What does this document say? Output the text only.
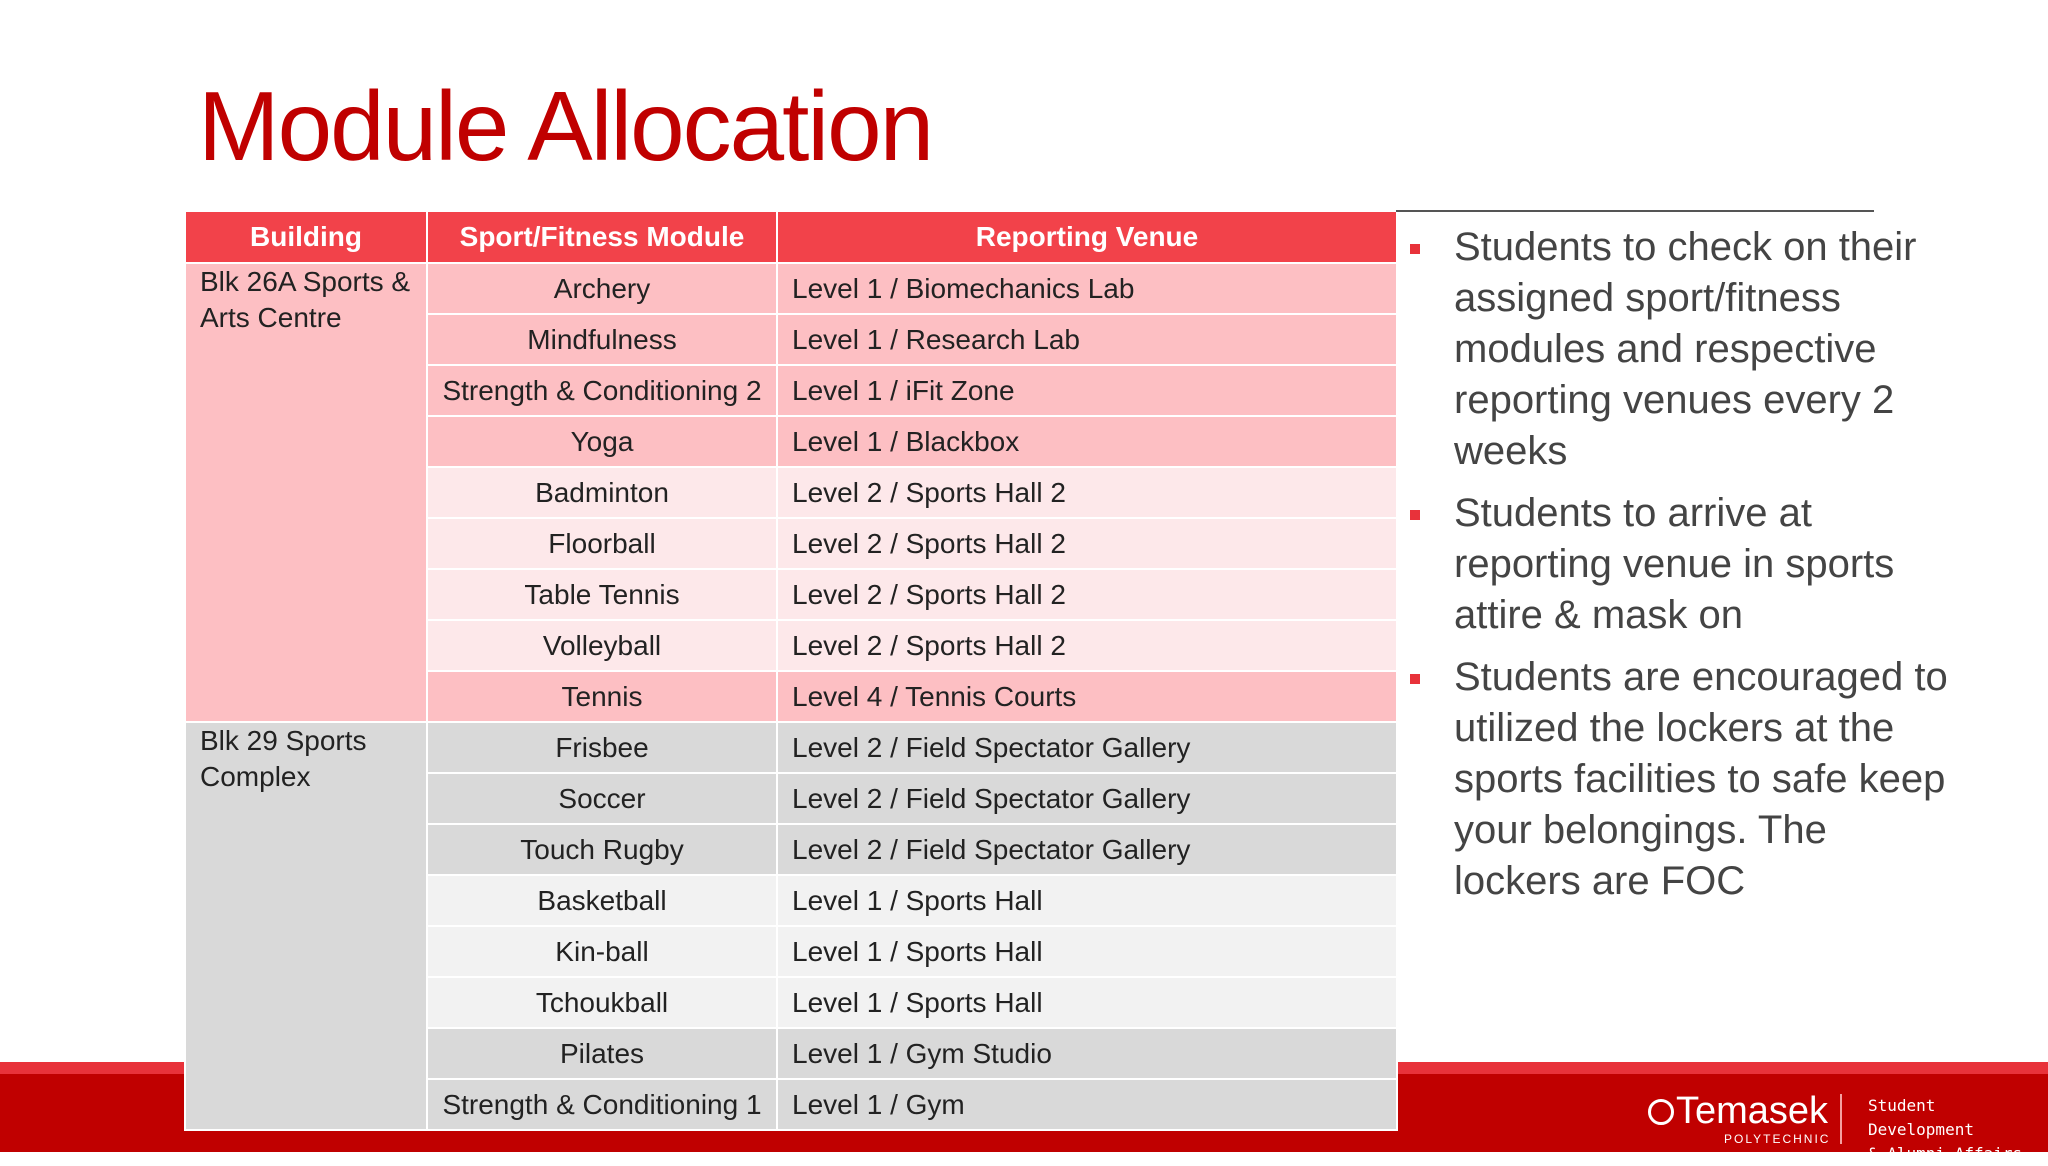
Module Allocation
Building	Sport/Fitness Module	Reporting Venue
Blk 26A Sports & Arts Centre	Archery	Level 1 / Biomechanics Lab
	Mindfulness	Level 1 / Research Lab
	Strength & Conditioning 2	Level 1 / iFit Zone
	Yoga	Level 1 / Blackbox
	Badminton	Level 2 / Sports Hall 2
	Floorball	Level 2 / Sports Hall 2
	Table Tennis	Level 2 / Sports Hall 2
	Volleyball	Level 2 / Sports Hall 2
	Tennis	Level 4 / Tennis Courts
Blk 29 Sports Complex	Frisbee	Level 2 / Field Spectator Gallery
	Soccer	Level 2 / Field Spectator Gallery
	Touch Rugby	Level 2 / Field Spectator Gallery
	Basketball	Level 1 / Sports Hall
	Kin-ball	Level 1 / Sports Hall
	Tchoukball	Level 1 / Sports Hall
	Pilates	Level 1 / Gym Studio
	Strength & Conditioning 1	Level 1 / Gym
Students to check on their assigned sport/fitness modules and respective reporting venues every 2 weeks
Students to arrive at reporting venue in sports attire & mask on
Students are encouraged to utilized the lockers at the sports facilities to safe keep your belongings. The lockers are FOC
Temasek
POLYTECHNIC
Student Development
& Alumni Affairs
